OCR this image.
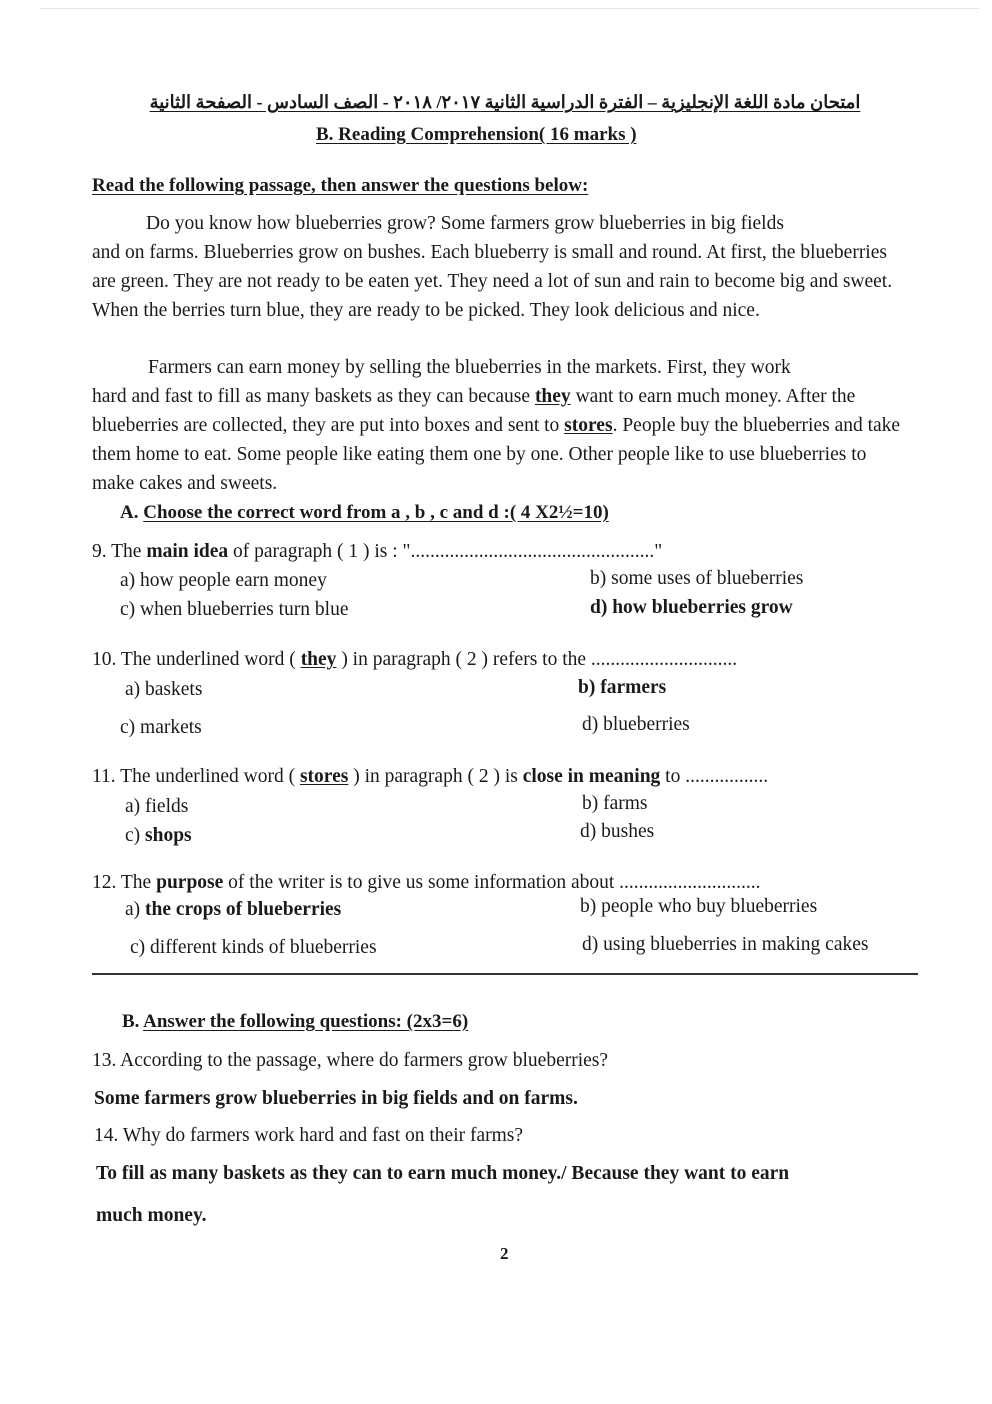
امتحان مادة اللغة الإنجليزية – الفترة الدراسية الثانية ٢٠١٧/ ٢٠١٨ - الصف السادس - الصفحة الثانية
B. Reading Comprehension( 16 marks )
Read the following passage, then answer the questions below:
Do you know how blueberries grow? Some farmers grow blueberries in big fields
and on farms. Blueberries grow on bushes. Each blueberry is small and round. At first, the blueberries are green. They are not ready to be eaten yet. They need a lot of sun and rain to become big and sweet. When the berries turn blue, they are ready to be picked. They look delicious and nice.
Farmers can earn money by selling the blueberries in the markets. First, they work
hard and fast to fill as many baskets as they can because they want to earn much money. After the blueberries are collected, they are put into boxes and sent to stores. People buy the blueberries and take them home to eat. Some people like eating them one by one. Other people like to use blueberries to make cakes and sweets.
A. Choose the correct word from a , b , c and d :( 4 X2½=10)
9. The main idea of paragraph ( 1 ) is : ".................................................."
a) how people earn money	b) some uses of blueberries
c) when blueberries turn blue	d) how blueberries grow
10. The underlined word ( they ) in paragraph ( 2 ) refers to the ..............................
a) baskets	b) farmers
c) markets	d) blueberries
11. The underlined word ( stores ) in paragraph ( 2 ) is close in meaning to .................
a) fields	b) farms
c) shops	d) bushes
12. The purpose of the writer is to give us some information about .............................
a) the crops of blueberries	b) people who buy blueberries
c) different kinds of blueberries	d) using blueberries in making cakes
B. Answer the following questions: (2x3=6)
13. According to the passage, where do farmers grow blueberries?
Some farmers grow blueberries in big fields and on farms.
14. Why do farmers work hard and fast on their farms?
To fill as many baskets as they can to earn much money./ Because they want to earn
much money.
2
